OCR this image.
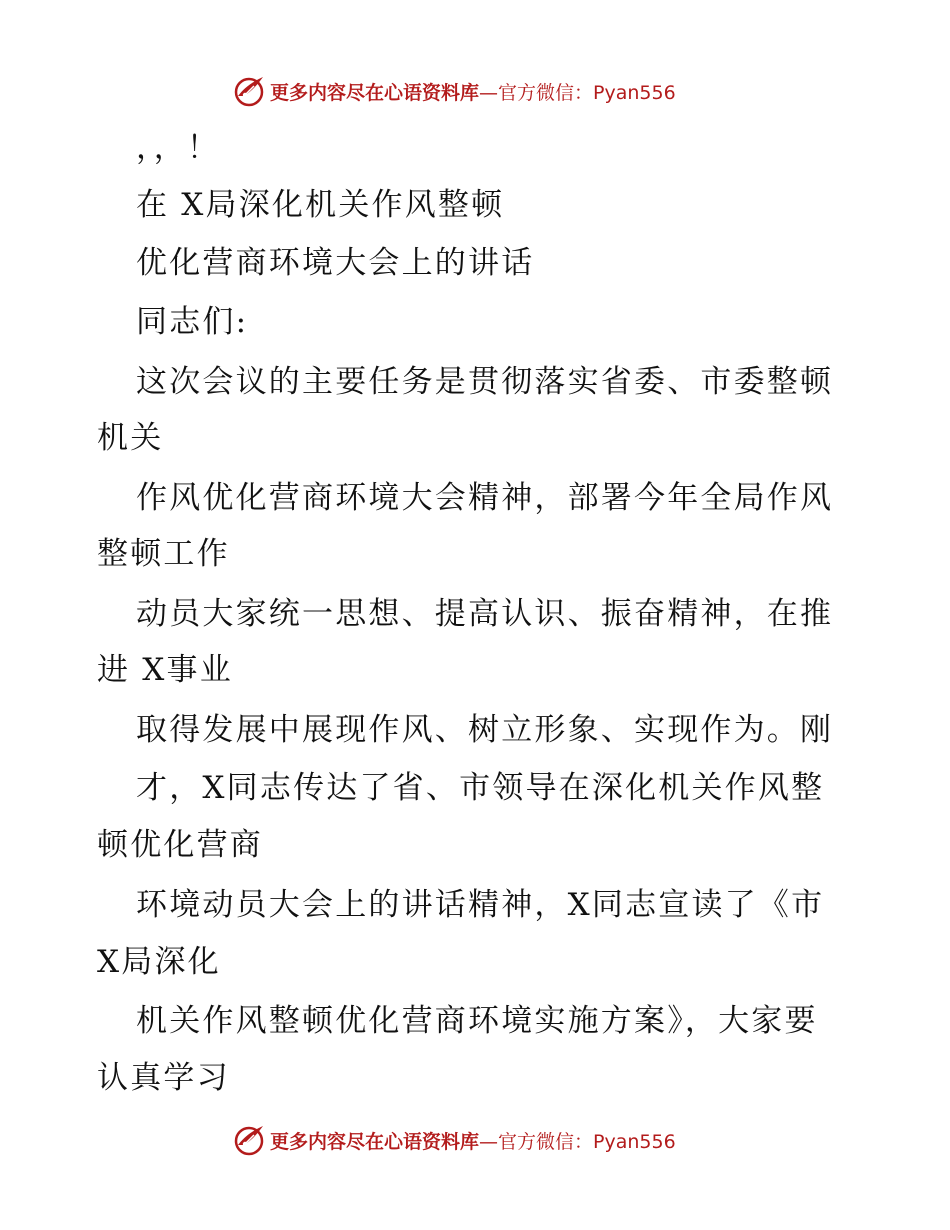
更多内容尽在心语资料库 —官方微信：Pyan556
，，！
在 X局深化机关作风整顿
优化营商环境大会上的讲话
同志们:
这次会议的主要任务是贯彻落实省委、市委整顿
机关
作风优化营商环境大会精神，部署今年全局作风
整顿工作
动员大家统一思想、提高认识、振奋精神，在推
进 X事业
取得发展中展现作风、树立形象、实现作为。刚
才，X同志传达了省、市领导在深化机关作风整
顿优化营商
环境动员大会上的讲话精神，X同志宣读了《市
X局深化
机关作风整顿优化营商环境实施方案》，大家要
认真学习
更多内容尽在心语资料库 —官方微信：Pyan556
